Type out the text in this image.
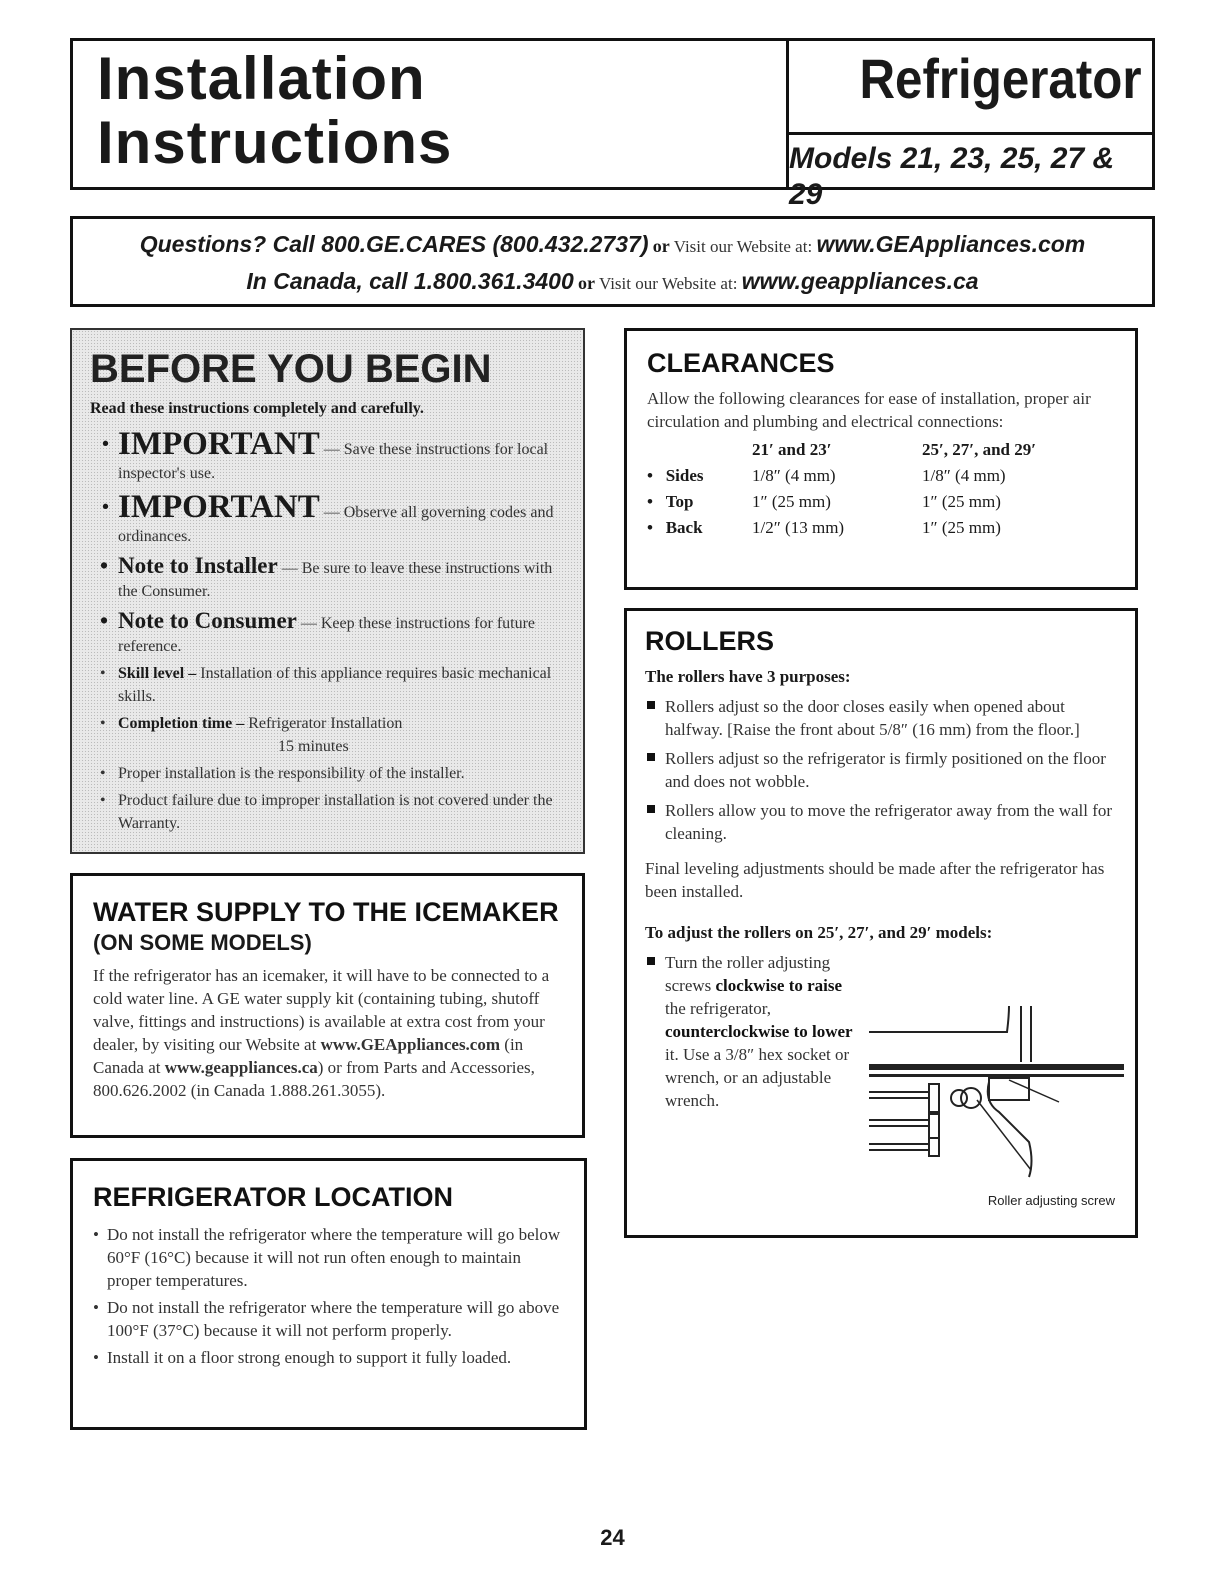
Installation
Instructions
Refrigerator
Models 21, 23, 25, 27 & 29
Questions? Call 800.GE.CARES (800.432.2737) or Visit our Website at: www.GEAppliances.com
In Canada, call 1.800.361.3400 or Visit our Website at: www.geappliances.ca
BEFORE YOU BEGIN
Read these instructions completely and carefully.
· IMPORTANT — Save these instructions for local inspector's use.
· IMPORTANT — Observe all governing codes and ordinances.
• Note to Installer — Be sure to leave these instructions with the Consumer.
• Note to Consumer — Keep these instructions for future reference.
• Skill level – Installation of this appliance requires basic mechanical skills.
• Completion time – Refrigerator Installation
15 minutes
• Proper installation is the responsibility of the installer.
• Product failure due to improper installation is not covered under the Warranty.
WATER SUPPLY TO THE ICEMAKER
(ON SOME MODELS)
If the refrigerator has an icemaker, it will have to be connected to a cold water line. A GE water supply kit (containing tubing, shutoff valve, fittings and instructions) is available at extra cost from your dealer, by visiting our Website at www.GEAppliances.com (in Canada at www.geappliances.ca) or from Parts and Accessories, 800.626.2002 (in Canada 1.888.261.3055).
REFRIGERATOR LOCATION
• Do not install the refrigerator where the temperature will go below 60°F (16°C) because it will not run often enough to maintain proper temperatures.
• Do not install the refrigerator where the temperature will go above 100°F (37°C) because it will not perform properly.
• Install it on a floor strong enough to support it fully loaded.
CLEARANCES
Allow the following clearances for ease of installation, proper air circulation and plumbing and electrical connections:
	21′ and 23′	25′, 27′, and 29′
•   Sides	1/8″ (4 mm)	1/8″ (4 mm)
•   Top	1″ (25 mm)	1″ (25 mm)
•   Back	1/2″ (13 mm)	1″ (25 mm)
ROLLERS
The rollers have 3 purposes:
Rollers adjust so the door closes easily when opened about halfway. [Raise the front about 5/8″ (16 mm) from the floor.]
Rollers adjust so the refrigerator is firmly positioned on the floor and does not wobble.
Rollers allow you to move the refrigerator away from the wall for cleaning.
Final leveling adjustments should be made after the refrigerator has been installed.
To adjust the rollers on 25′, 27′, and 29′ models:
Turn the roller adjusting screws clockwise to raise the refrigerator, counterclockwise to lower it. Use a 3/8″ hex socket or wrench, or an adjustable wrench.
Roller adjusting screw
24
